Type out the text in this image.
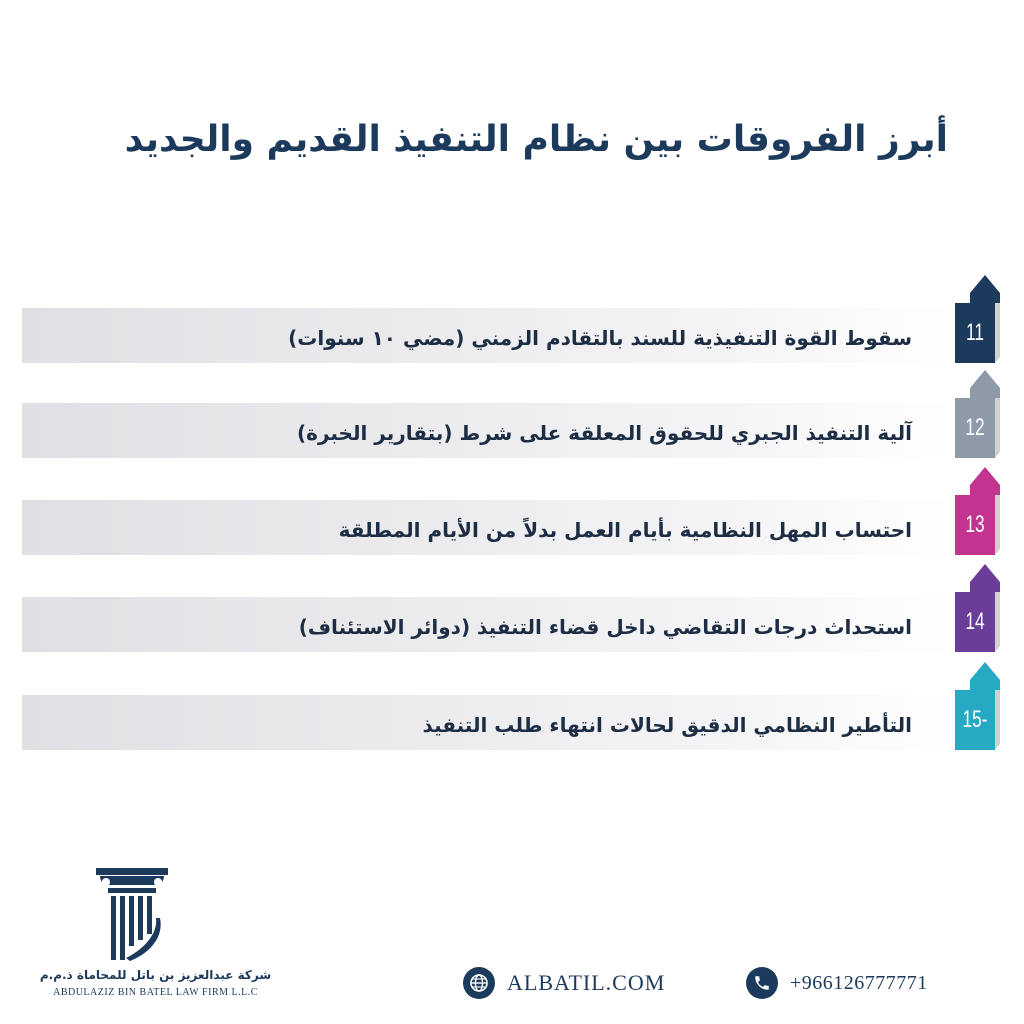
أبرز الفروقات بين نظام التنفيذ القديم والجديد
سقوط القوة التنفيذية للسند بالتقادم الزمني (مضي ١٠ سنوات) 11
آلية التنفيذ الجبري للحقوق المعلقة على شرط (بتقارير الخبرة) 12
احتساب المهل النظامية بأيام العمل بدلاً من الأيام المطلقة 13
استحداث درجات التقاضي داخل قضاء التنفيذ (دوائر الاستئناف) 14
التأطير النظامي الدقيق لحالات انتهاء طلب التنفيذ 15-
شركة عبدالعزيز بن باتل للمحاماة ذ.م.م
ABDULAZIZ BIN BATEL LAW FIRM L.L.C	ALBATIL.COM	+966126777771
